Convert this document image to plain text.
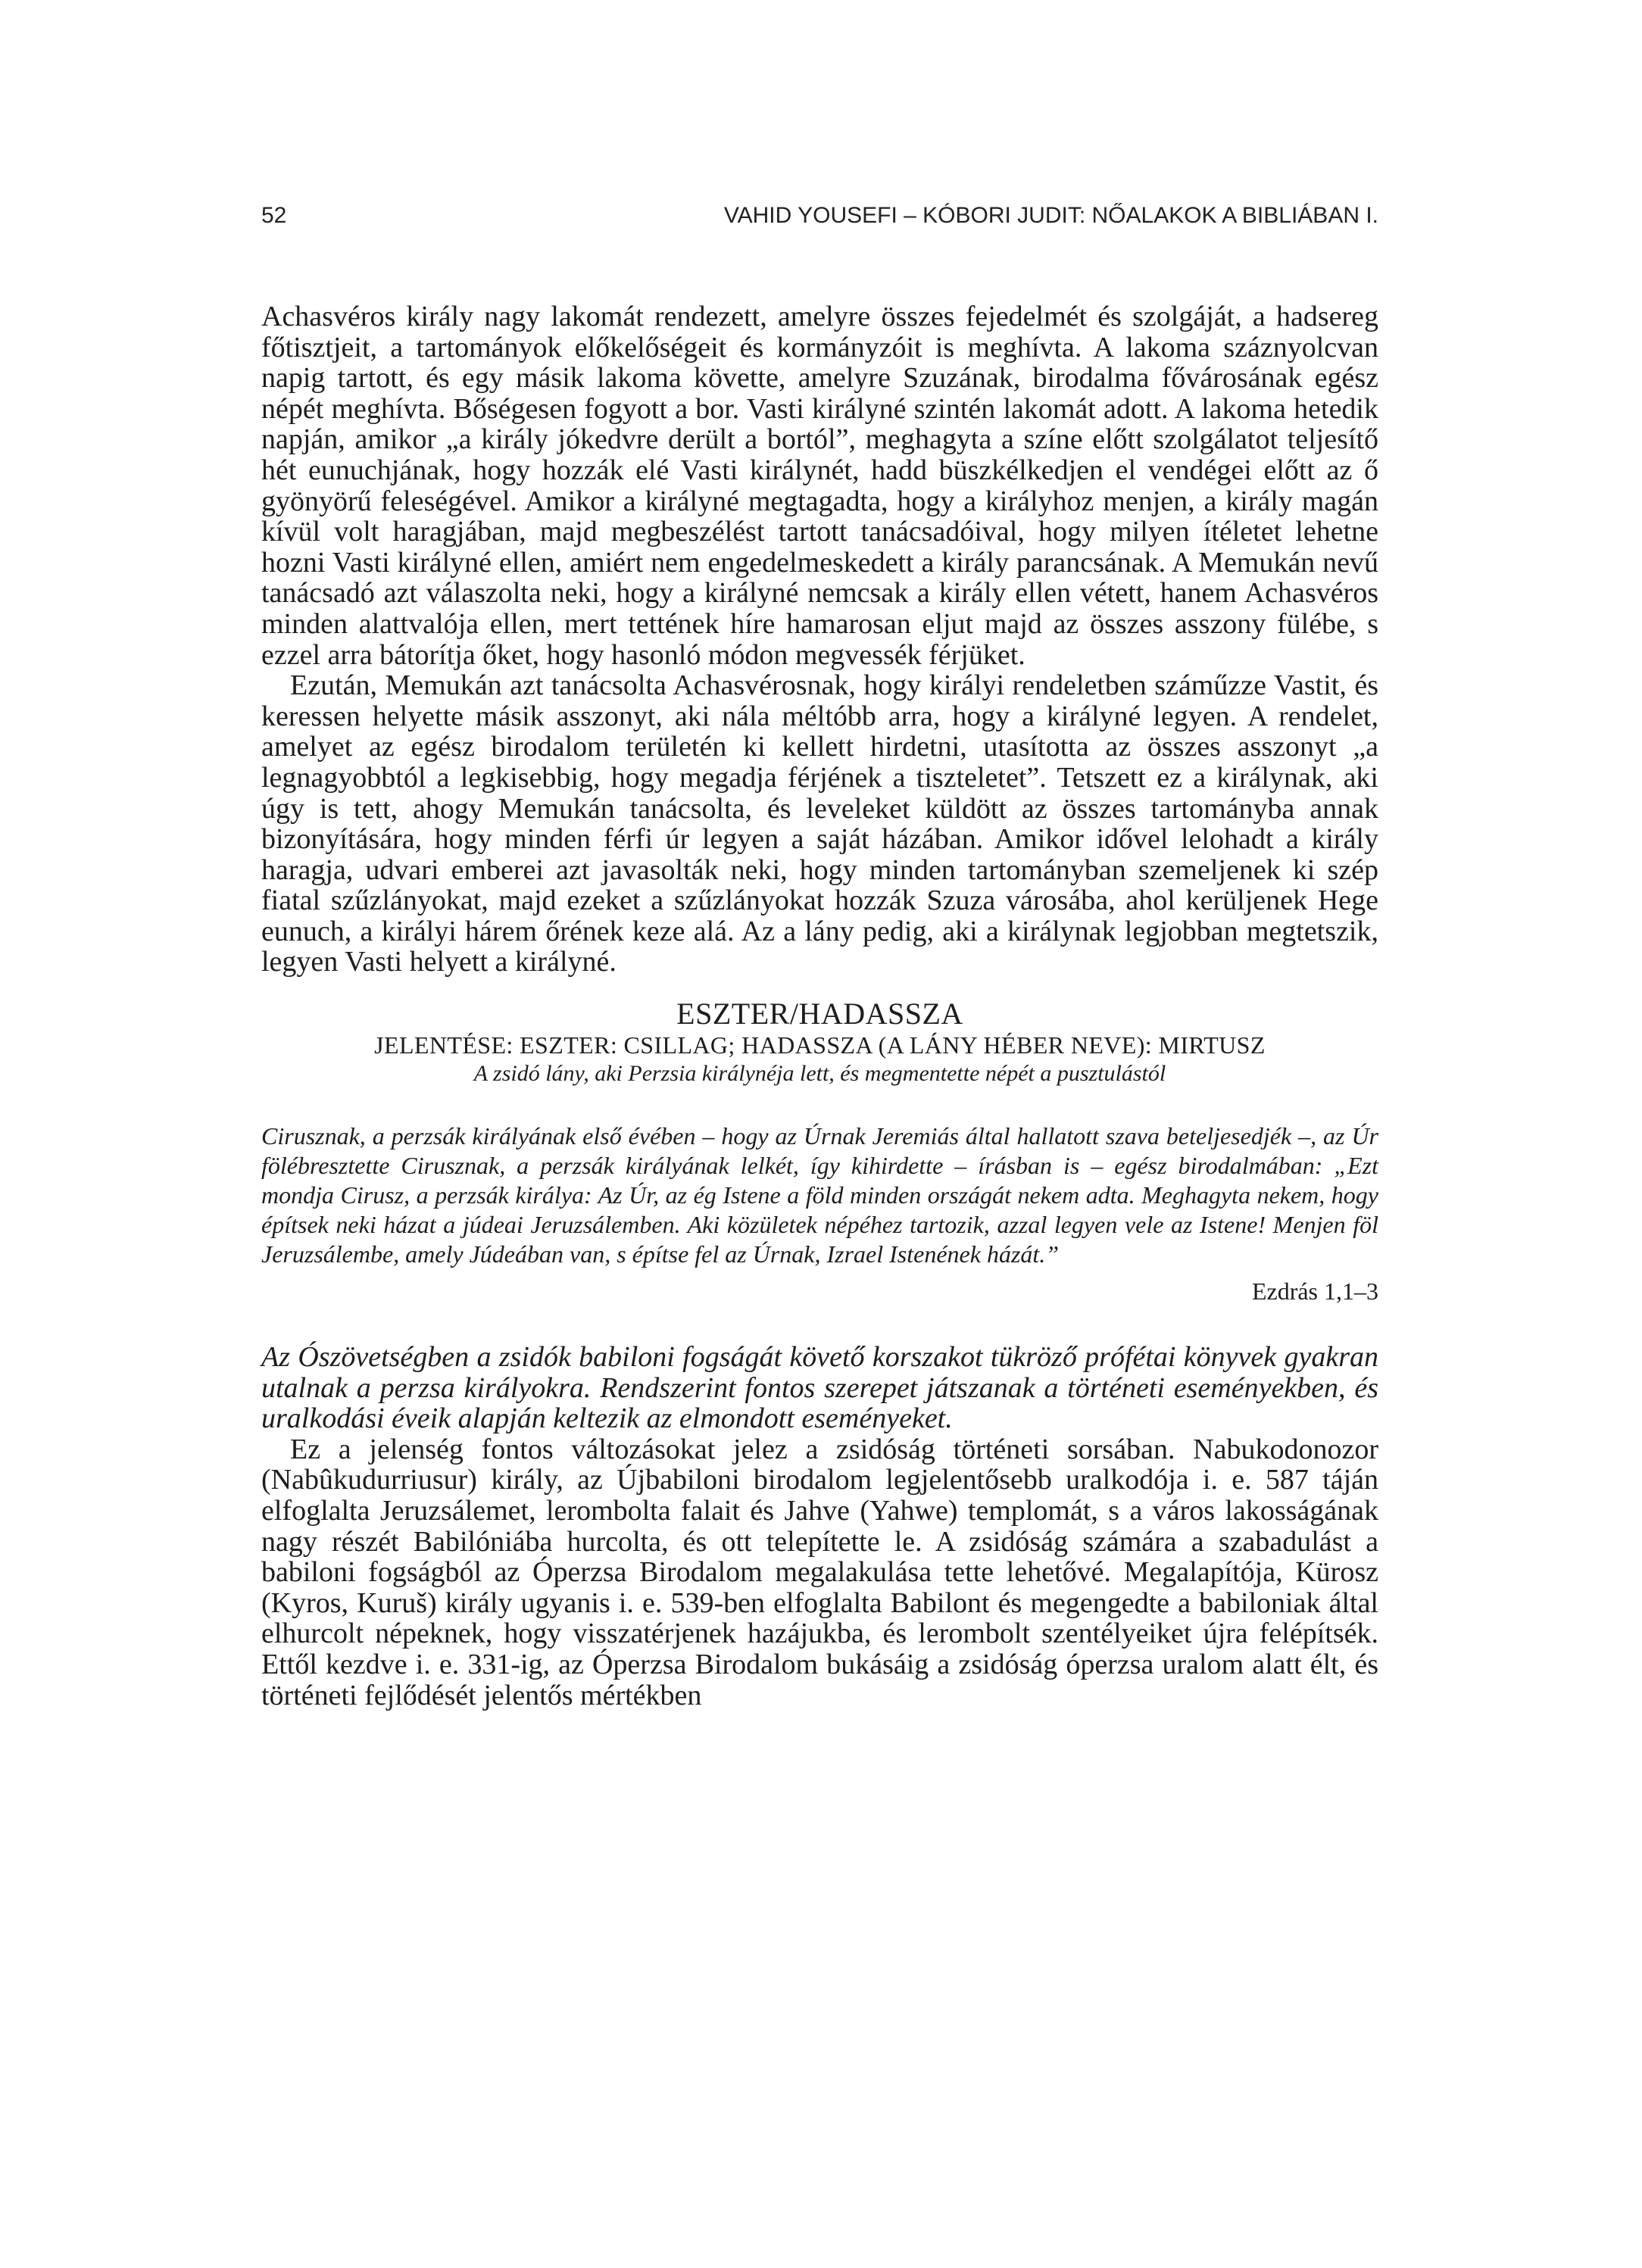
52	VAHID YOUSEFI – KÓBORI JUDIT: NŐALAKOK A BIBLIÁBAN I.

Achasvéros király nagy lakomát rendezett, amelyre összes fejedelmét és szolgáját, a hadsereg főtisztjeit, a tartományok előkelőségeit és kormányzóit is meghívta. A lakoma száznyolcvan napig tartott, és egy másik lakoma követte, amelyre Szuzának, birodalma fővárosának egész népét meghívta. Bőségesen fogyott a bor. Vasti királyné szintén lakomát adott. A lakoma hetedik napján, amikor „a király jókedvre derült a bortól”, meghagyta a színe előtt szolgálatot teljesítő hét eunuchjának, hogy hozzák elé Vasti királynét, hadd büszkélkedjen el vendégei előtt az ő gyönyörű feleségével. Amikor a királyné megtagadta, hogy a királyhoz menjen, a király magán kívül volt haragjában, majd megbeszélést tartott tanácsadóival, hogy milyen ítéletet lehetne hozni Vasti királyné ellen, amiért nem engedelmeskedett a király parancsának. A Memukán nevű tanácsadó azt válaszolta neki, hogy a királyné nemcsak a király ellen vétett, hanem Achasvéros minden alattvalója ellen, mert tettének híre hamarosan eljut majd az összes asszony fülébe, s ezzel arra bátorítja őket, hogy hasonló módon megvessék férjüket.

Ezután, Memukán azt tanácsolta Achasvérosnak, hogy királyi rendeletben száműzze Vastit, és keressen helyette másik asszonyt, aki nála méltóbb arra, hogy a királyné legyen. A rendelet, amelyet az egész birodalom területén ki kellett hirdetni, utasította az összes asszonyt „a legnagyobbtól a legkisebbig, hogy megadja férjének a tiszteletet”. Tetszett ez a királynak, aki úgy is tett, ahogy Memukán tanácsolta, és leveleket küldött az összes tartományba annak bizonyítására, hogy minden férfi úr legyen a saját házában. Amikor idővel lelohadt a király haragja, udvari emberei azt javasolták neki, hogy minden tartományban szemeljenek ki szép fiatal szűzlányokat, majd ezeket a szűzlányokat hozzák Szuza városába, ahol kerüljenek Hege eunuch, a királyi hárem őrének keze alá. Az a lány pedig, aki a királynak legjobban megtetszik, legyen Vasti helyett a királyné.

ESZTER/HADASSZA
JELENTÉSE: ESZTER: CSILLAG; HADASSZA (A LÁNY HÉBER NEVE): MIRTUSZ
A zsidó lány, aki Perzsia királynéja lett, és megmentette népét a pusztulástól
Cirusznak, a perzsák királyának első évében – hogy az Úrnak Jeremiás által hallatott szava beteljesedjék –, az Úr fölébresztette Cirusznak, a perzsák királyának lelkét, így kihirdette – írásban is – egész birodalmában: „Ezt mondja Cirusz, a perzsák királya: Az Úr, az ég Istene a föld minden országát nekem adta. Meghagyta nekem, hogy építsek neki házat a júdeai Jeruzsálemben. Aki közületek népéhez tartozik, azzal legyen vele az Istene! Menjen föl Jeruzsálembe, amely Júdeában van, s építse fel az Úrnak, Izrael Istenének házát.”
Ezdrás 1,1–3

Az Ószövetségben a zsidók babiloni fogságát követő korszakot tükröző prófétai könyvek gyakran utalnak a perzsa királyokra. Rendszerint fontos szerepet játszanak a történeti eseményekben, és uralkodási éveik alapján keltezik az elmondott eseményeket.

Ez a jelenség fontos változásokat jelez a zsidóság történeti sorsában. Nabukodonozor (Nabûkudurriusur) király, az Újbabiloni birodalom legjelentősebb uralkodója i. e. 587 táján elfoglalta Jeruzsálemet, lerombolta falait és Jahve (Yahwe) templomát, s a város lakosságának nagy részét Babilóniába hurcolta, és ott telepítette le. A zsidóság számára a szabadulást a babiloni fogságból az Óperzsa Birodalom megalakulása tette lehetővé. Megalapítója, Kürosz (Kyros, Kuruš) király ugyanis i. e. 539-ben elfoglalta Babilont és megengedte a babiloniak által elhurcolt népeknek, hogy visszatérjenek hazájukba, és lerombolt szentélyeiket újra felépítsék. Ettől kezdve i. e. 331-ig, az Óperzsa Birodalom bukásáig a zsidóság óperzsa uralom alatt élt, és történeti fejlődését jelentős mértékben
